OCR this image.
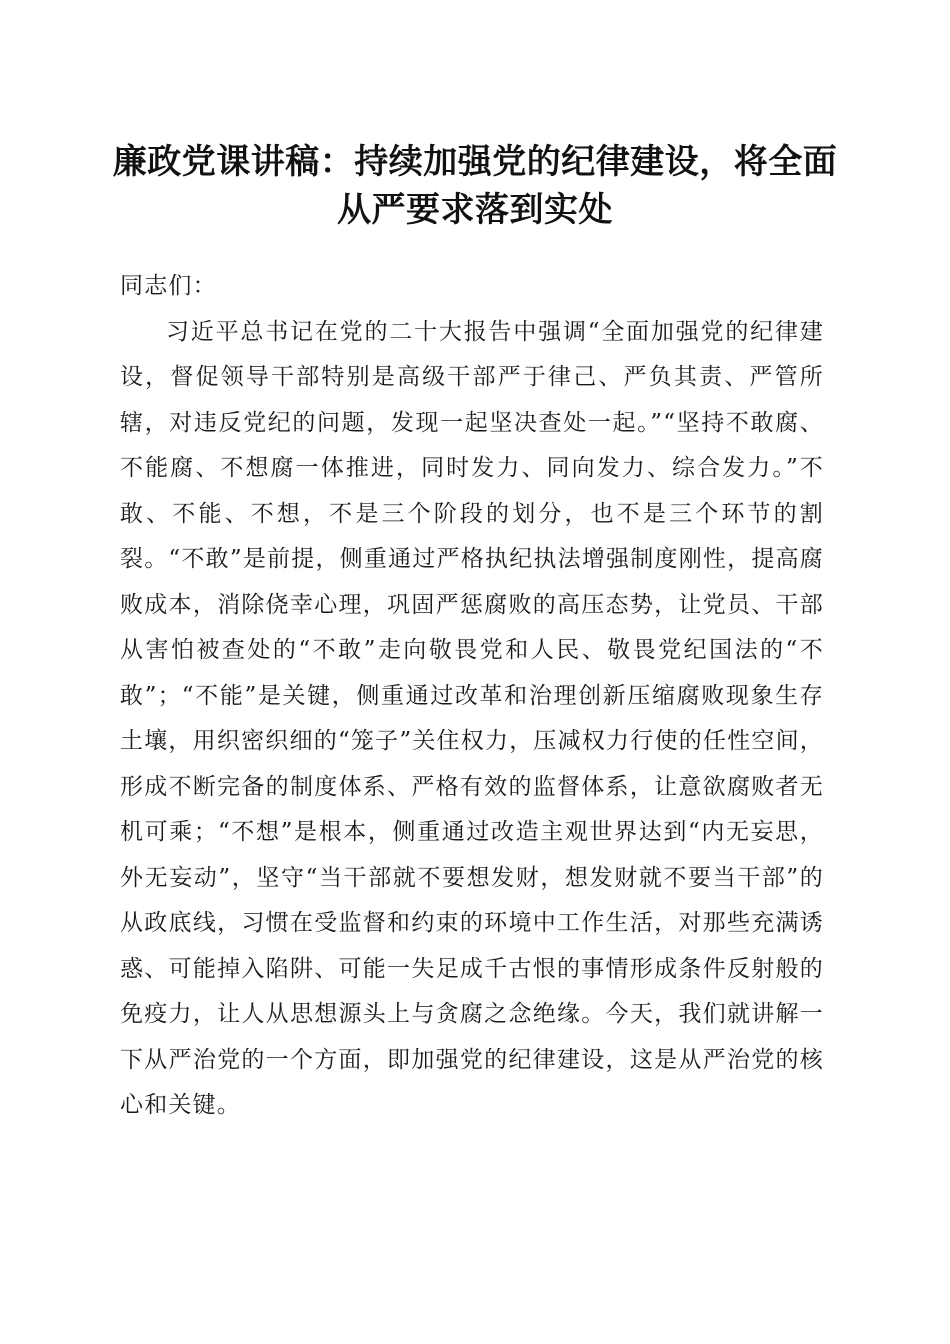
廉政党课讲稿：持续加强党的纪律建设，将全面从严要求落到实处

同志们：

习近平总书记在党的二十大报告中强调“全面加强党的纪律建设，督促领导干部特别是高级干部严于律己、严负其责、严管所辖，对违反党纪的问题，发现一起坚决查处一起。”“坚持不敢腐、不能腐、不想腐一体推进，同时发力、同向发力、综合发力。”不敢、不能、不想，不是三个阶段的划分，也不是三个环节的割裂。“不敢”是前提，侧重通过严格执纪执法增强制度刚性，提高腐败成本，消除侥幸心理，巩固严惩腐败的高压态势，让党员、干部从害怕被查处的“不敢”走向敬畏党和人民、敬畏党纪国法的“不敢”；“不能”是关键，侧重通过改革和治理创新压缩腐败现象生存土壤，用织密织细的“笼子”关住权力，压减权力行使的任性空间，形成不断完备的制度体系、严格有效的监督体系，让意欲腐败者无机可乘；“不想”是根本，侧重通过改造主观世界达到“内无妄思，外无妄动”，坚守“当干部就不要想发财，想发财就不要当干部”的从政底线，习惯在受监督和约束的环境中工作生活，对那些充满诱惑、可能掉入陷阱、可能一失足成千古恨的事情形成条件反射般的免疫力，让人从思想源头上与贪腐之念绝缘。今天，我们就讲解一下从严治党的一个方面，即加强党的纪律建设，这是从严治党的核心和关键。
